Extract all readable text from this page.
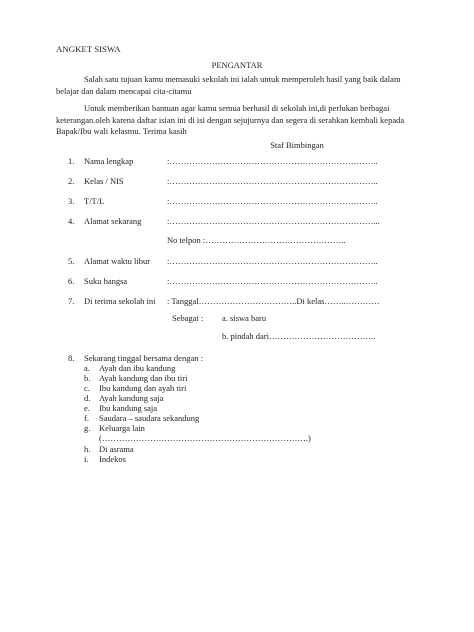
ANGKET SISWA
PENGANTAR
Salah satu tujuan kamu memasuki sekolah ini ialah untuk memperoleh hasil yang baik dalam belajar dan dalam mencapai cita-citamu
Untuk memberikan bantuan agar kamu semua berhasil di sekolah ini,di perlukan berbagai keterangan.oleh karena daftar isian ini di isi dengan sejujurnya dan segera di serahkan kembali kepada Bapak/Ibu wali kelasmu. Terima kasih
Staf Bimbingan
1. Nama lengkap	:………………………………………………………………..
2. Kelas / NIS	:………………………………………………………………..
3. T/T/L	:………………………………………………………………..
4. Alamat sekarang	:………………………………………………………………...
No telpon :…………………………………………..
5. Alamat waktu libur :………………………………………………………………..
6. Suku bangsa	:………………………………………………………………..
7. Di terima sekolah ini : Tanggal……………………………..Di kelas……..…………
Sebagai : a. siswa baru
b. pindah dari………………………………..
8. Sekarang tinggal bersama dengan :
a. Ayah dan ibu kandung
b. Ayah kandung dan ibu tiri
c. Ibu kandung dan ayah tiri
d. Ayah kandung saja
e. Ibu kandung saja
f. Saudara – saudara sekandung
g. Keluarga lain
(……………………………………………………………….)
h. Di asrama
i. Indekos
